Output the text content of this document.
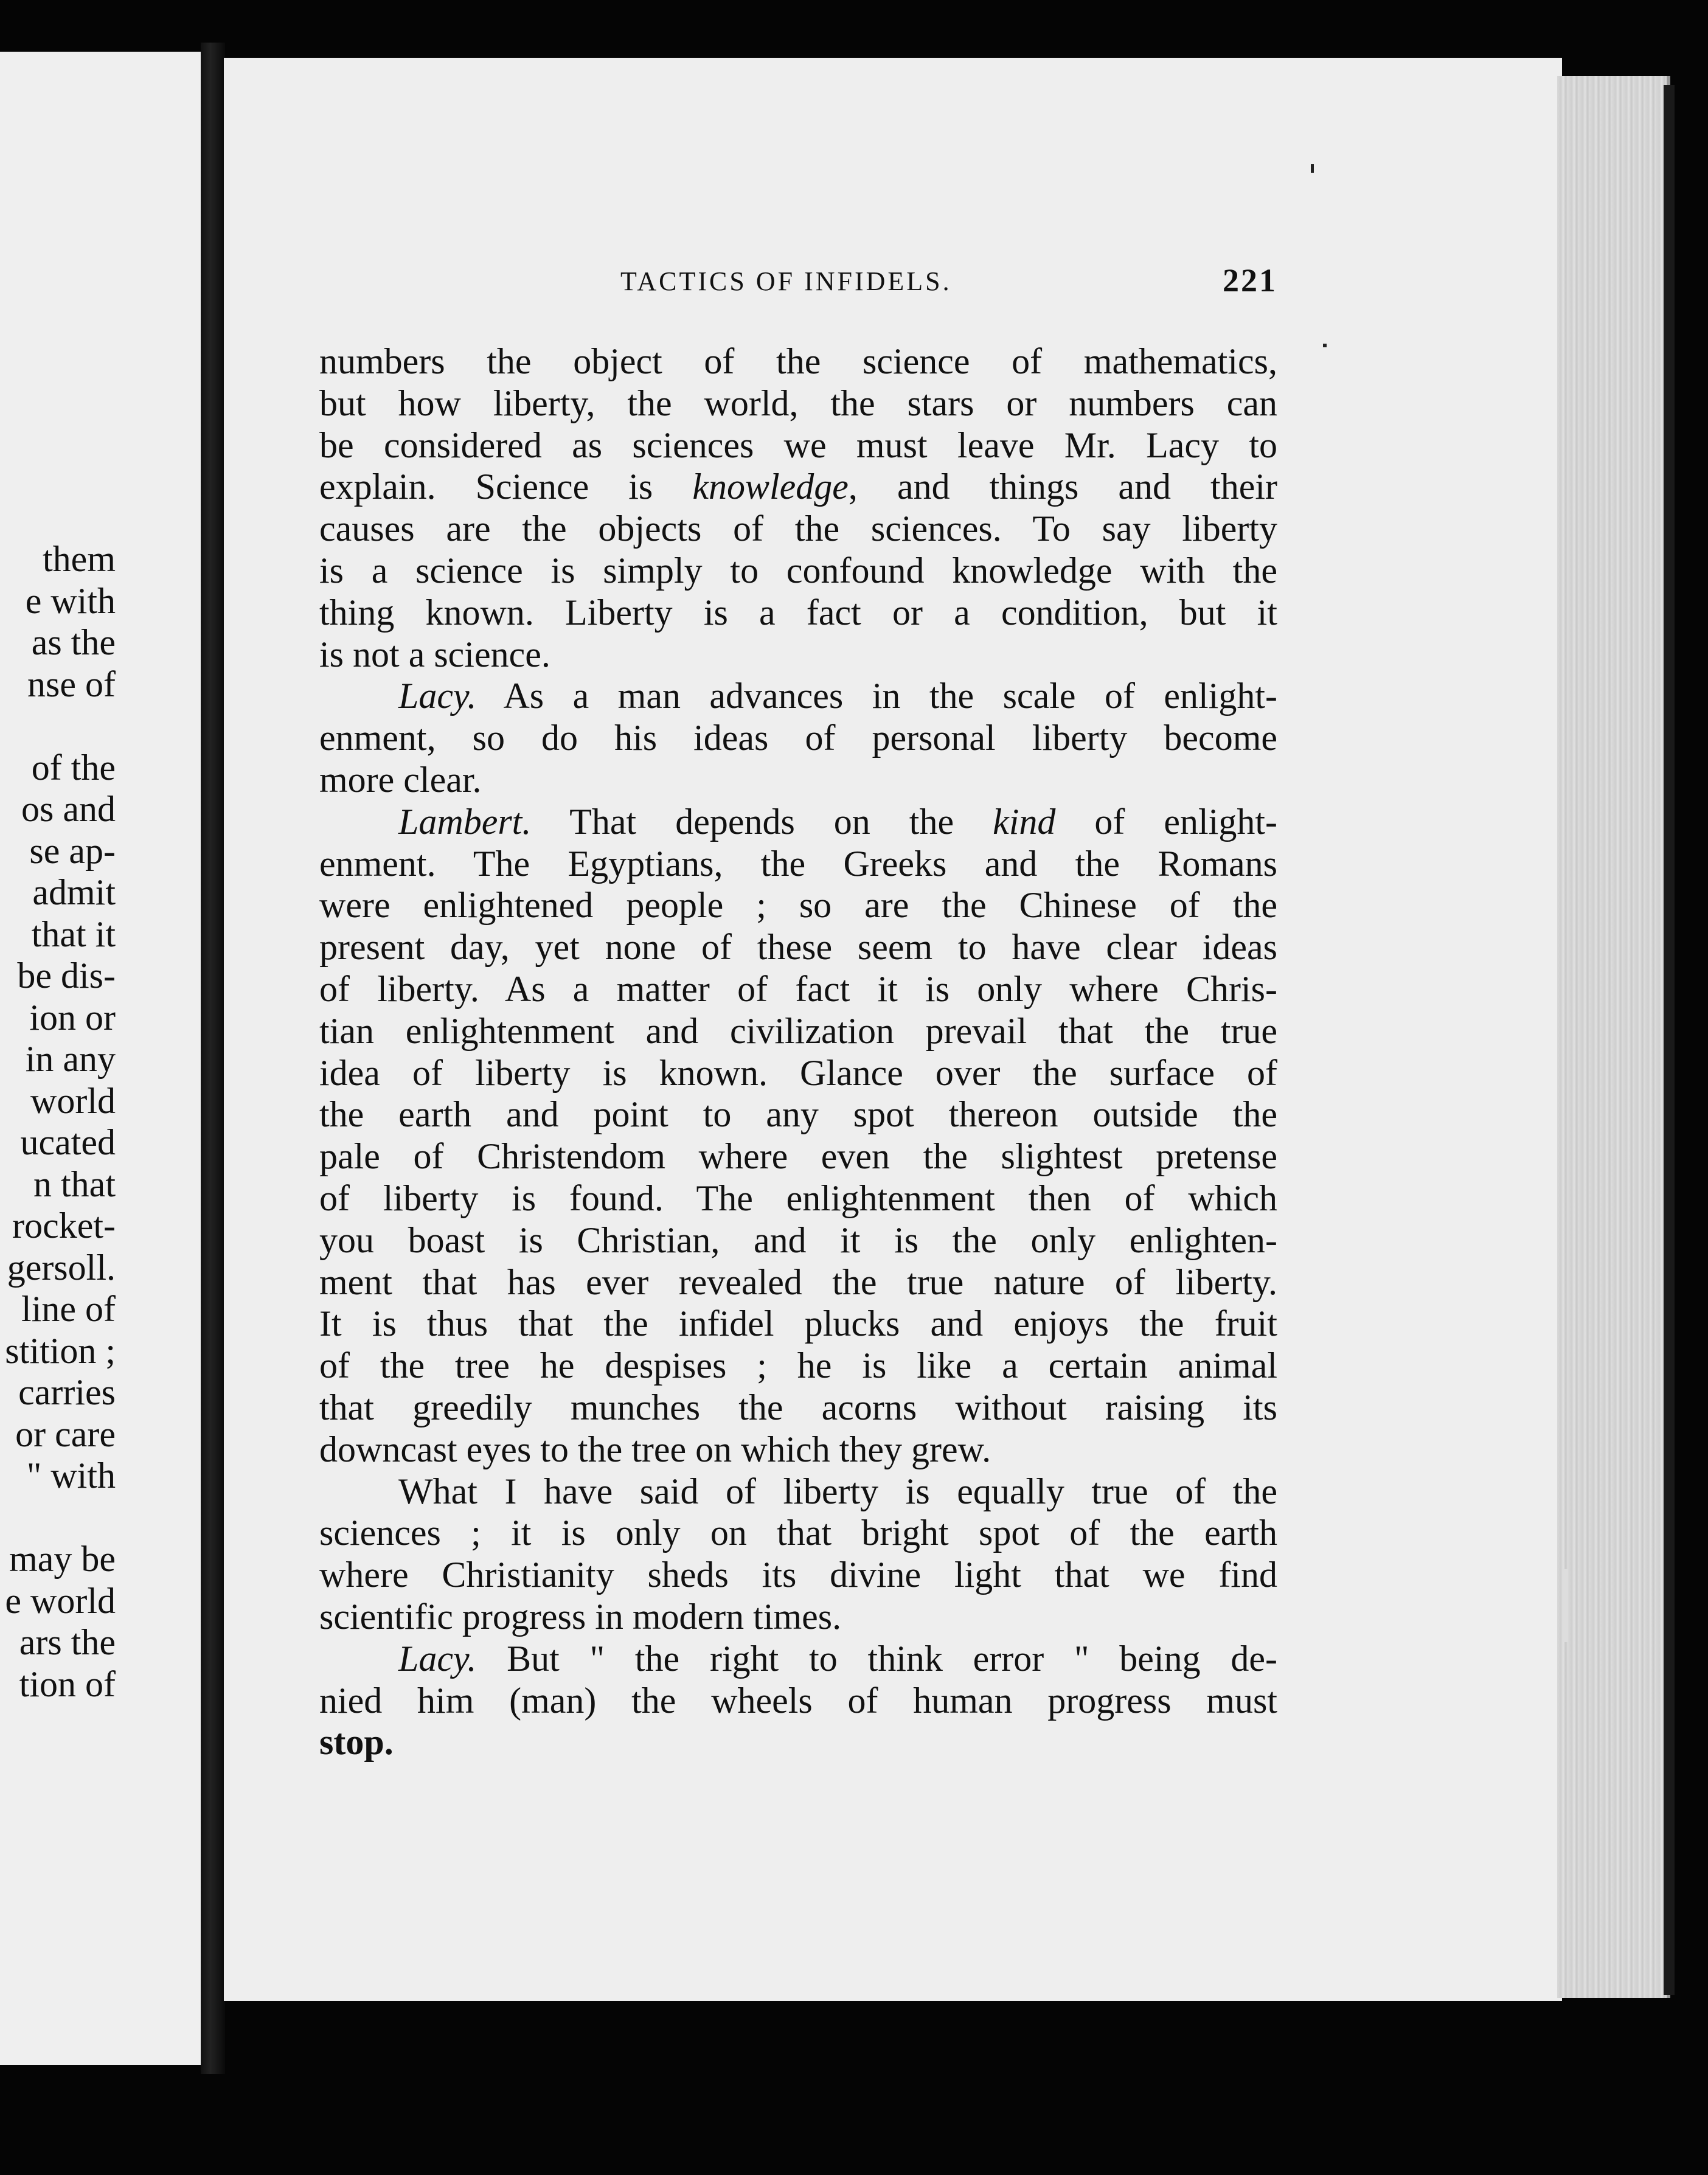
them
e with
as the
nse of
of the
os and
se ap-
admit
that it
be dis-
ion or
in any
world
ucated
n that
rocket-
gersoll.
line of
stition ;
carries
or care
" with
may be
e world
ars the
tion of
TACTICS OF INFIDELS.	221
numbers the object of the science of mathematics,
but how liberty, the world, the stars or numbers can
be considered as sciences we must leave Mr. Lacy to
explain. Science is knowledge, and things and their
causes are the objects of the sciences. To say liberty
is a science is simply to confound knowledge with the
thing known. Liberty is a fact or a condition, but it
is not a science.
Lacy. As a man advances in the scale of enlight-
enment, so do his ideas of personal liberty become
more clear.
Lambert. That depends on the kind of enlight-
enment. The Egyptians, the Greeks and the Romans
were enlightened people ; so are the Chinese of the
present day, yet none of these seem to have clear ideas
of liberty. As a matter of fact it is only where Chris-
tian enlightenment and civilization prevail that the true
idea of liberty is known. Glance over the surface of
the earth and point to any spot thereon outside the
pale of Christendom where even the slightest pretense
of liberty is found. The enlightenment then of which
you boast is Christian, and it is the only enlighten-
ment that has ever revealed the true nature of liberty.
It is thus that the infidel plucks and enjoys the fruit
of the tree he despises ; he is like a certain animal
that greedily munches the acorns without raising its
downcast eyes to the tree on which they grew.
What I have said of liberty is equally true of the
sciences ; it is only on that bright spot of the earth
where Christianity sheds its divine light that we find
scientific progress in modern times.
Lacy. But " the right to think error " being de-
nied him (man) the wheels of human progress must
stop.
